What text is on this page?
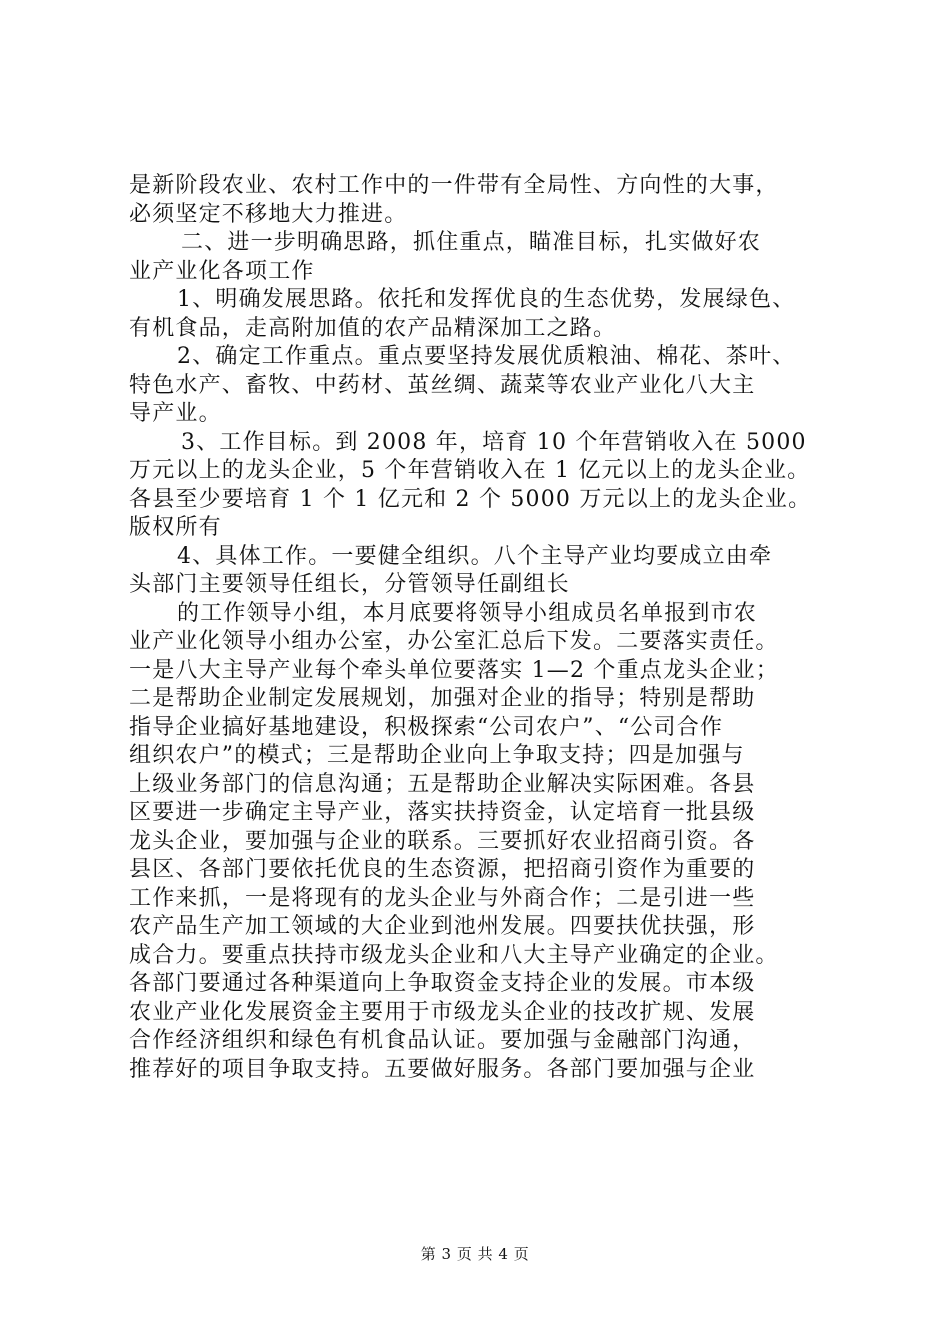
是新阶段农业、农村工作中的一件带有全局性、方向性的大事，
必须坚定不移地大力推进。
二、进一步明确思路，抓住重点，瞄准目标，扎实做好农
业产业化各项工作
1、明确发展思路。依托和发挥优良的生态优势，发展绿色、
有机食品，走高附加值的农产品精深加工之路。
2、确定工作重点。重点要坚持发展优质粮油、棉花、茶叶、
特色水产、畜牧、中药材、茧丝绸、蔬菜等农业产业化八大主
导产业。
3、工作目标。到 2008 年，培育 10 个年营销收入在 5000
万元以上的龙头企业，5 个年营销收入在 1 亿元以上的龙头企业。
各县至少要培育 1 个 1 亿元和 2 个 5000 万元以上的龙头企业。
版权所有
4、具体工作。一要健全组织。八个主导产业均要成立由牵
头部门主要领导任组长，分管领导任副组长
的工作领导小组，本月底要将领导小组成员名单报到市农
业产业化领导小组办公室，办公室汇总后下发。二要落实责任。
一是八大主导产业每个牵头单位要落实 1—2 个重点龙头企业；
二是帮助企业制定发展规划，加强对企业的指导；特别是帮助
指导企业搞好基地建设，积极探索“公司农户”、“公司合作
组织农户”的模式；三是帮助企业向上争取支持；四是加强与
上级业务部门的信息沟通；五是帮助企业解决实际困难。各县
区要进一步确定主导产业，落实扶持资金，认定培育一批县级
龙头企业，要加强与企业的联系。三要抓好农业招商引资。各
县区、各部门要依托优良的生态资源，把招商引资作为重要的
工作来抓，一是将现有的龙头企业与外商合作；二是引进一些
农产品生产加工领域的大企业到池州发展。四要扶优扶强，形
成合力。要重点扶持市级龙头企业和八大主导产业确定的企业。
各部门要通过各种渠道向上争取资金支持企业的发展。市本级
农业产业化发展资金主要用于市级龙头企业的技改扩规、发展
合作经济组织和绿色有机食品认证。要加强与金融部门沟通，
推荐好的项目争取支持。五要做好服务。各部门要加强与企业
第 3 页 共 4 页
